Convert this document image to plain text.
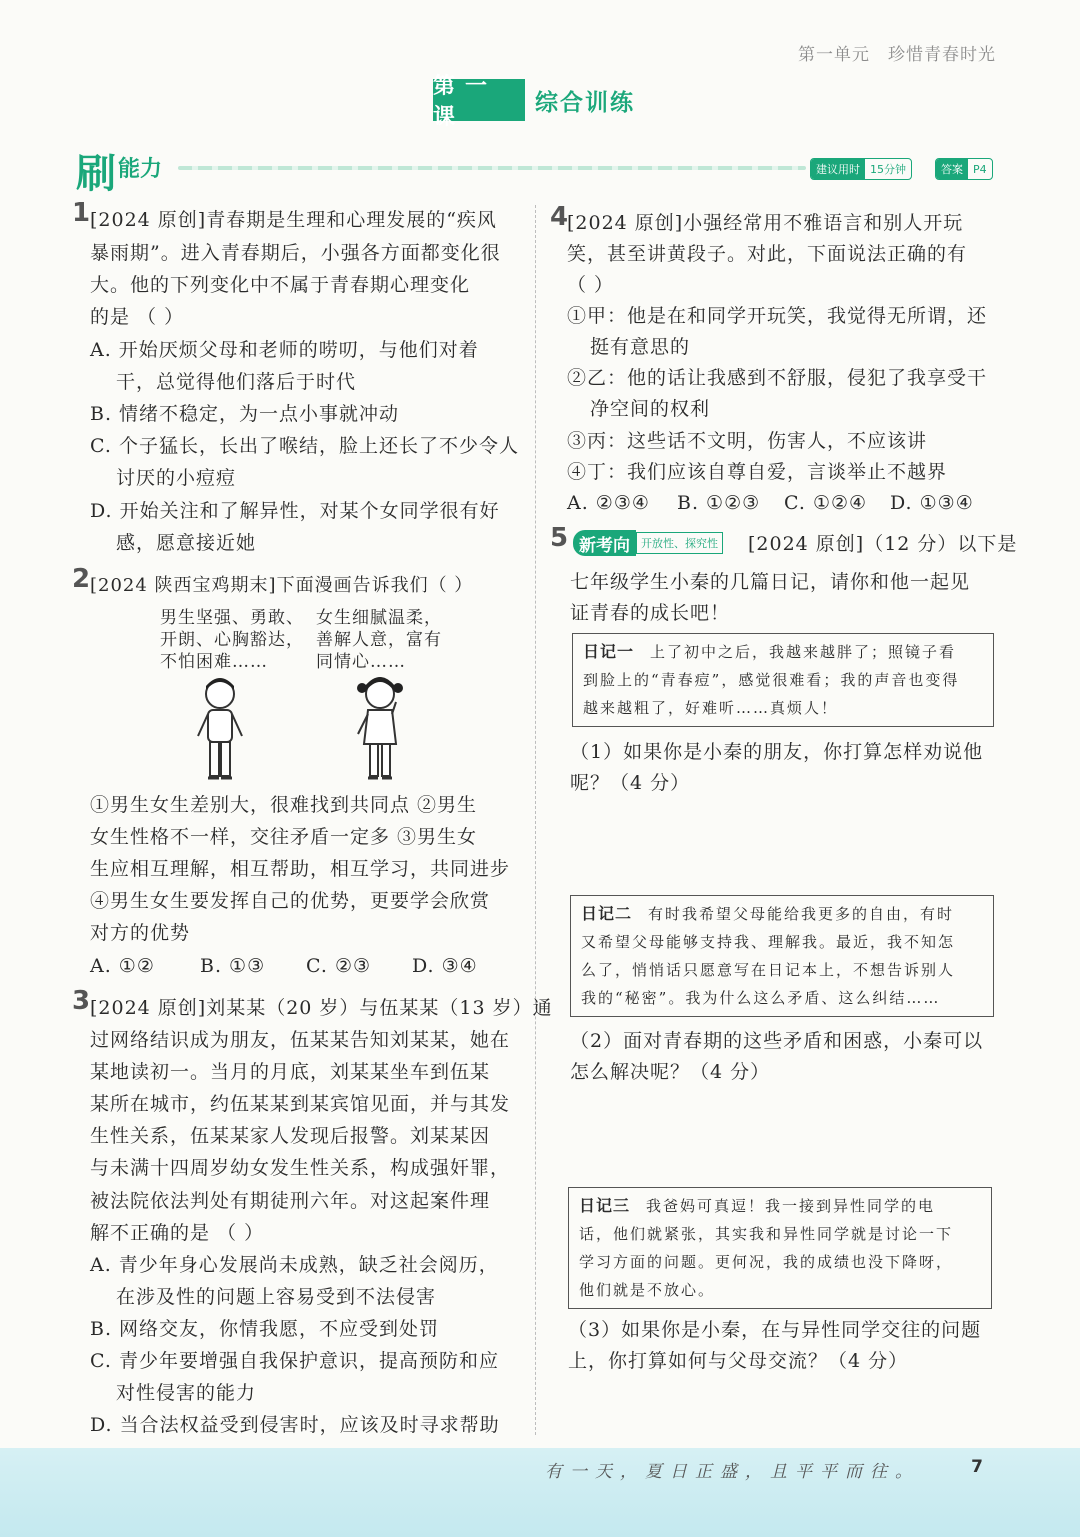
第一单元 珍惜青春时光
第一课
综合训练
刷 能力	建议用时 15分钟	答案 P4
1 [2024 原创]青春期是生理和心理发展的“疾风
暴雨期”。进入青春期后，小强各方面都变化很
大。他的下列变化中不属于青春期心理变化
的是 （ ）
A. 开始厌烦父母和老师的唠叨，与他们对着
干，总觉得他们落后于时代
B. 情绪不稳定，为一点小事就冲动
C. 个子猛长，长出了喉结，脸上还长了不少令人
讨厌的小痘痘
D. 开始关注和了解异性，对某个女同学很有好
感，愿意接近她
2 [2024 陕西宝鸡期末]下面漫画告诉我们（ ）
男生坚强、勇敢、
开朗、心胸豁达，
不怕困难……
女生细腻温柔，
善解人意，富有
同情心……
①男生女生差别大，很难找到共同点 ②男生
女生性格不一样，交往矛盾一定多 ③男生女
生应相互理解，相互帮助，相互学习，共同进步
④男生女生要发挥自己的优势，更要学会欣赏
对方的优势
A. ①② B. ①③ C. ②③ D. ③④
3 [2024 原创]刘某某（20 岁）与伍某某（13 岁）通
过网络结识成为朋友，伍某某告知刘某某，她在
某地读初一。当月的月底，刘某某坐车到伍某
某所在城市，约伍某某到某宾馆见面，并与其发
生性关系，伍某某家人发现后报警。刘某某因
与未满十四周岁幼女发生性关系，构成强奸罪，
被法院依法判处有期徒刑六年。对这起案件理
解不正确的是 （ ）
A. 青少年身心发展尚未成熟，缺乏社会阅历，
在涉及性的问题上容易受到不法侵害
B. 网络交友，你情我愿，不应受到处罚
C. 青少年要增强自我保护意识，提高预防和应
对性侵害的能力
D. 当合法权益受到侵害时，应该及时寻求帮助
4
[2024 原创]小强经常用不雅语言和别人开玩
笑，甚至讲黄段子。对此，下面说法正确的有
（ ）
①甲：他是在和同学开玩笑，我觉得无所谓，还
挺有意思的
②乙：他的话让我感到不舒服，侵犯了我享受干
净空间的权利
③丙：这些话不文明，伤害人，不应该讲
④丁：我们应该自尊自爱，言谈举止不越界
A. ②③④ B. ①②③ C. ①②④ D. ①③④
5 新考向	开放性、探究性 [2024 原创]（12 分）以下是
七年级学生小秦的几篇日记，请你和他一起见
证青春的成长吧！
日记一 上了初中之后，我越来越胖了；照镜子看
到脸上的“青春痘”，感觉很难看；我的声音也变得
越来越粗了，好难听……真烦人！
（1）如果你是小秦的朋友，你打算怎样劝说他
呢？（4 分）
日记二 有时我希望父母能给我更多的自由，有时
又希望父母能够支持我、理解我。最近，我不知怎
么了，悄悄话只愿意写在日记本上，不想告诉别人
我的“秘密”。我为什么这么矛盾、这么纠结……
（2）面对青春期的这些矛盾和困惑，小秦可以
怎么解决呢？（4 分）
日记三 我爸妈可真逗！我一接到异性同学的电
话，他们就紧张，其实我和异性同学就是讨论一下
学习方面的问题。更何况，我的成绩也没下降呀，
他们就是不放心。
（3）如果你是小秦，在与异性同学交往的问题
上，你打算如何与父母交流？（4 分）
有一天，夏日正盛，且平平而往。	7
